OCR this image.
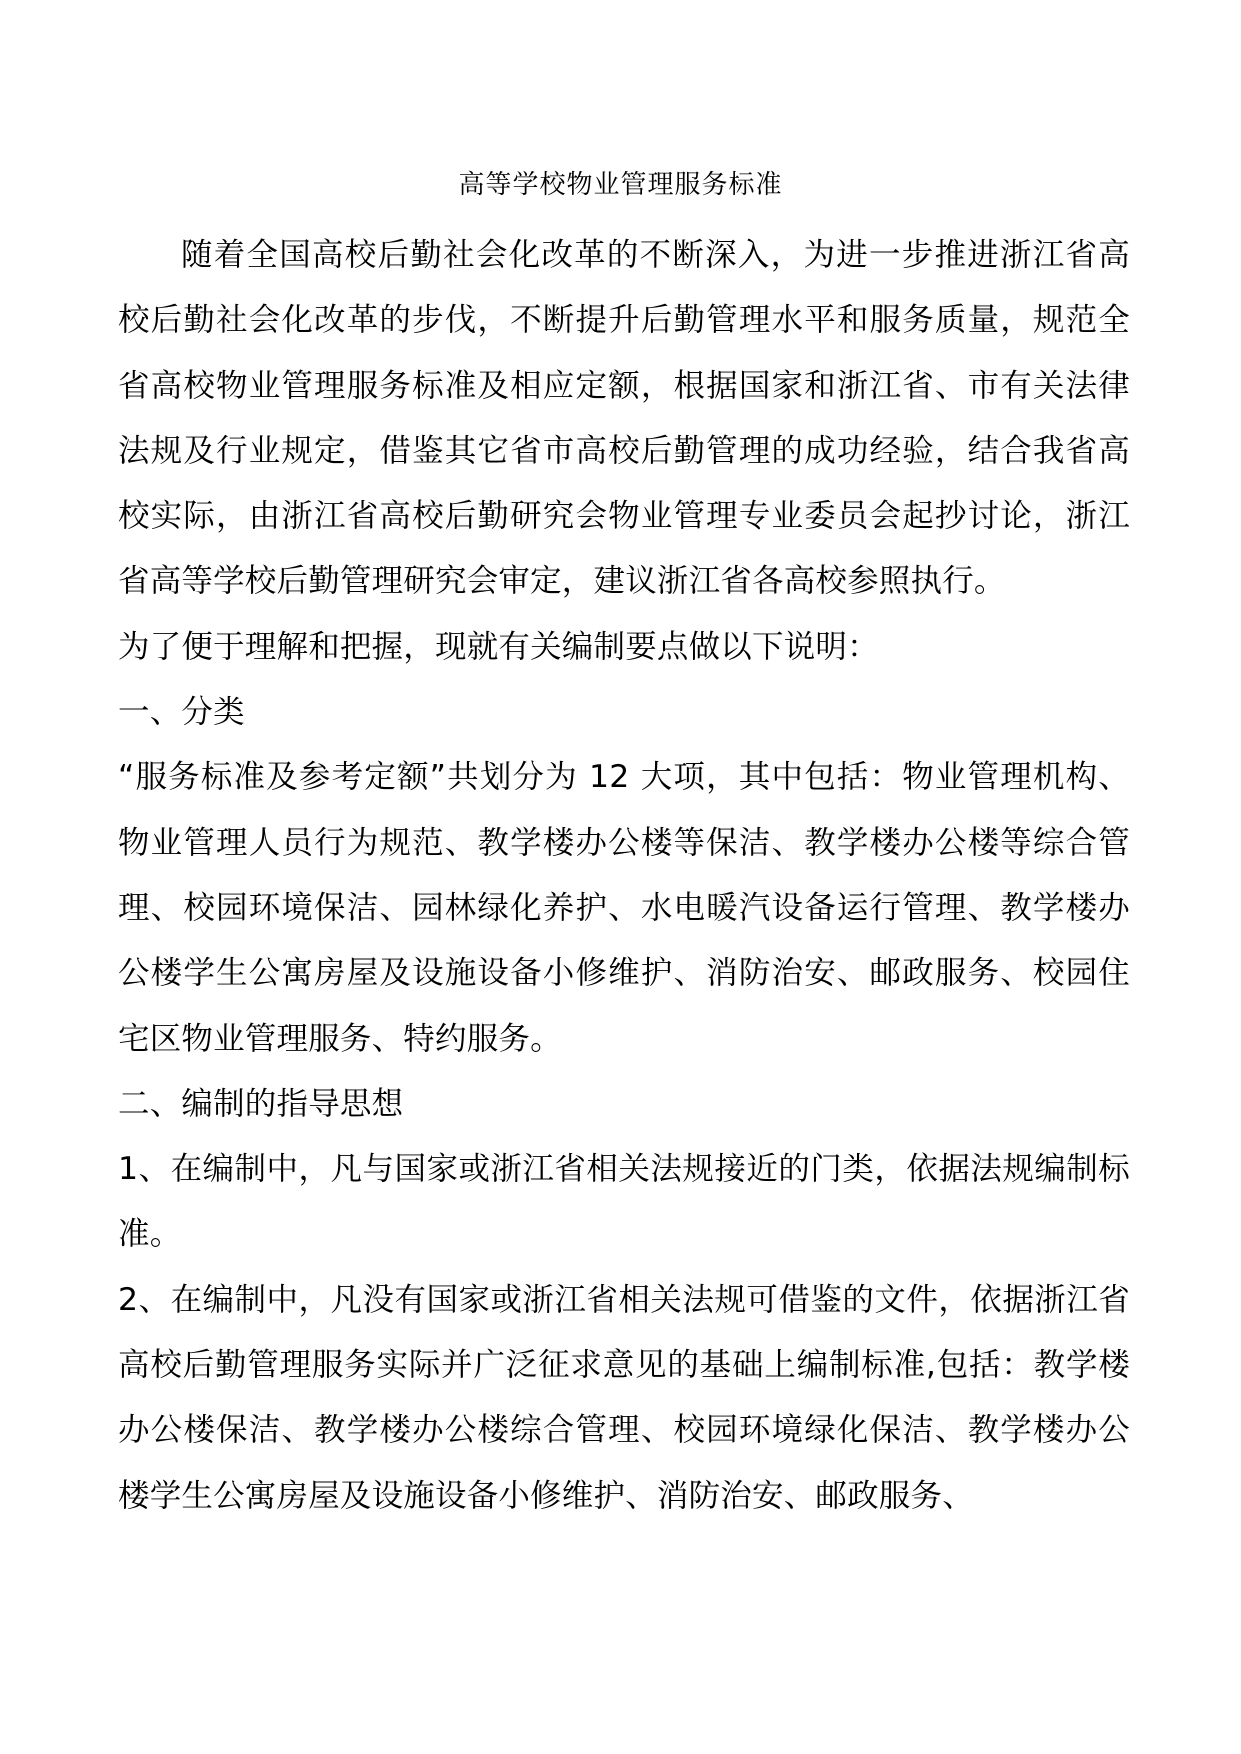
高等学校物业管理服务标准

随着全国高校后勤社会化改革的不断深入，为进一步推进浙江省高校后勤社会化改革的步伐，不断提升后勤管理水平和服务质量，规范全省高校物业管理服务标准及相应定额，根据国家和浙江省、市有关法律法规及行业规定，借鉴其它省市高校后勤管理的成功经验，结合我省高校实际，由浙江省高校后勤研究会物业管理专业委员会起抄讨论，浙江省高等学校后勤管理研究会审定，建议浙江省各高校参照执行。

为了便于理解和把握，现就有关编制要点做以下说明：

一、分类

“服务标准及参考定额”共划分为 12 大项，其中包括：物业管理机构、物业管理人员行为规范、教学楼办公楼等保洁、教学楼办公楼等综合管理、校园环境保洁、园林绿化养护、水电暖汽设备运行管理、教学楼办公楼学生公寓房屋及设施设备小修维护、消防治安、邮政服务、校园住宅区物业管理服务、特约服务。

二、编制的指导思想

1、在编制中，凡与国家或浙江省相关法规接近的门类，依据法规编制标准。

2、在编制中，凡没有国家或浙江省相关法规可借鉴的文件，依据浙江省高校后勤管理服务实际并广泛征求意见的基础上编制标准,包括：教学楼办公楼保洁、教学楼办公楼综合管理、校园环境绿化保洁、教学楼办公楼学生公寓房屋及设施设备小修维护、消防治安、邮政服务、
